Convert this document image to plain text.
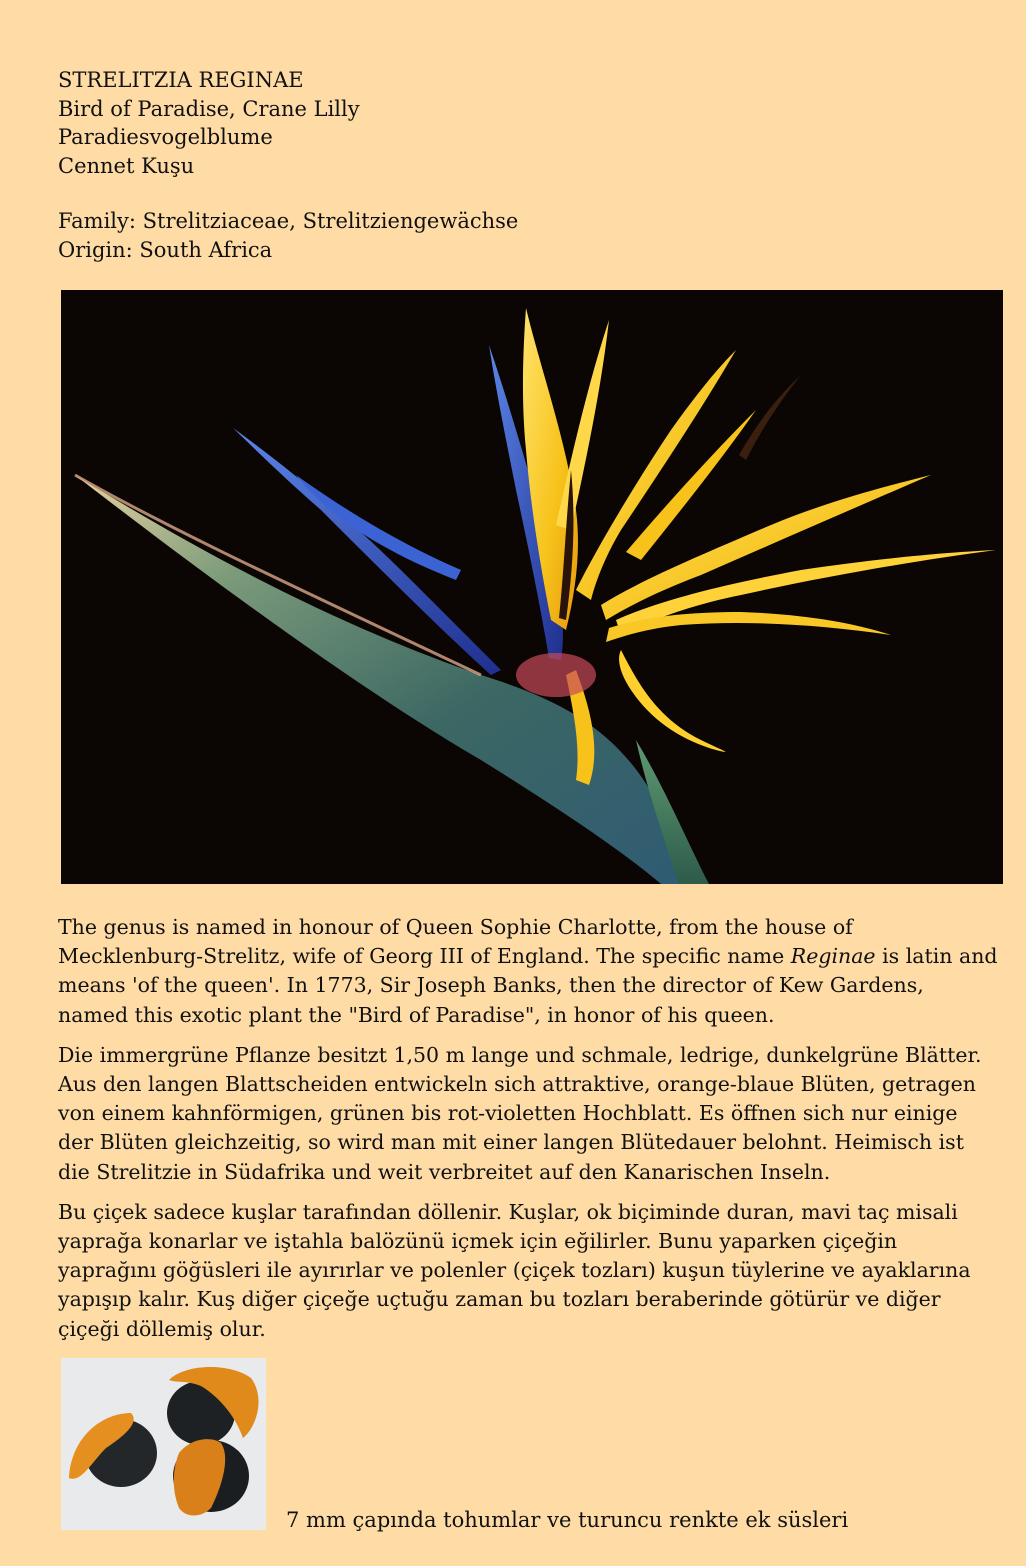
STRELITZIA REGINAE
Bird of Paradise, Crane Lilly
Paradiesvogelblume
Cennet Kuşu
Family: Strelitziaceae, Strelitziengewächse
Origin: South Africa

The genus is named in honour of Queen Sophie Charlotte, from the house of Mecklenburg-Strelitz, wife of Georg III of England. The specific name Reginae is latin and means 'of the queen'. In 1773, Sir Joseph Banks, then the director of Kew Gardens, named this exotic plant the "Bird of Paradise", in honor of his queen.

Die immergrüne Pflanze besitzt 1,50 m lange und schmale, ledrige, dunkelgrüne Blätter. Aus den langen Blattscheiden entwickeln sich attraktive, orange-blaue Blüten, getragen von einem kahnförmigen, grünen bis rot-violetten Hochblatt. Es öffnen sich nur einige der Blüten gleichzeitig, so wird man mit einer langen Blütedauer belohnt. Heimisch ist die Strelitzie in Südafrika und weit verbreitet auf den Kanarischen Inseln.

Bu çiçek sadece kuşlar tarafından döllenir. Kuşlar, ok biçiminde duran, mavi taç misali yaprağa konarlar ve iştahla balözünü içmek için eğilirler. Bunu yaparken çiçeğin yaprağını göğüsleri ile ayırırlar ve polenler (çiçek tozları) kuşun tüylerine ve ayaklarına yapışıp kalır. Kuş diğer çiçeğe uçtuğu zaman bu tozları beraberinde götürür ve diğer çiçeği döllemiş olur.

7 mm çapında tohumlar ve turuncu renkte ek süsleri
